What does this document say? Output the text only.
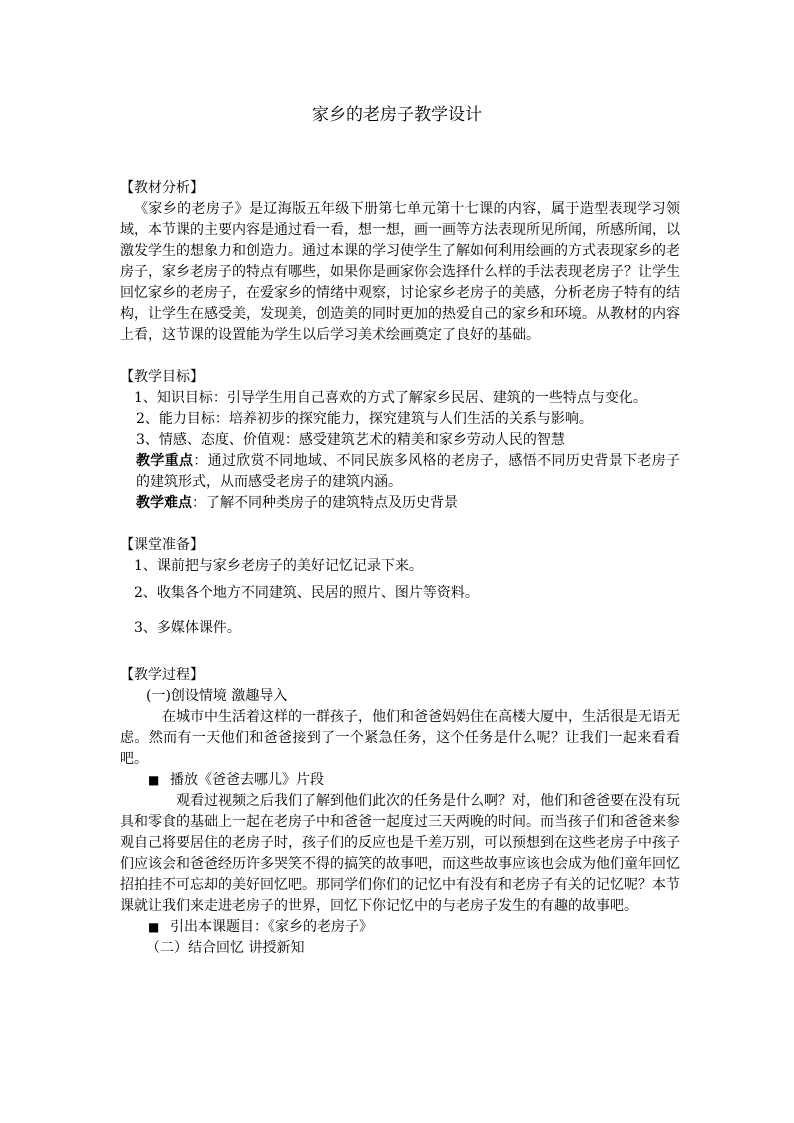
家乡的老房子教学设计

【教材分析】

《家乡的老房子》是辽海版五年级下册第七单元第十七课的内容，属于造型表现学习领域，本节课的主要内容是通过看一看，想一想，画一画等方法表现所见所闻，所感所闻，以激发学生的想象力和创造力。通过本课的学习使学生了解如何利用绘画的方式表现家乡的老房子，家乡老房子的特点有哪些，如果你是画家你会选择什么样的手法表现老房子？让学生回忆家乡的老房子，在爱家乡的情绪中观察，讨论家乡老房子的美感，分析老房子特有的结构，让学生在感受美，发现美，创造美的同时更加的热爱自己的家乡和环境。从教材的内容上看，这节课的设置能为学生以后学习美术绘画奠定了良好的基础。

【教学目标】

1、知识目标：引导学生用自己喜欢的方式了解家乡民居、建筑的一些特点与变化。

2、能力目标：培养初步的探究能力，探究建筑与人们生活的关系与影响。

3、情感、态度、价值观：感受建筑艺术的精美和家乡劳动人民的智慧

教学重点：通过欣赏不同地域、不同民族多风格的老房子，感悟不同历史背景下老房子的建筑形式，从而感受老房子的建筑内涵。

教学难点：了解不同种类房子的建筑特点及历史背景

【课堂准备】

1、课前把与家乡老房子的美好记忆记录下来。

2、收集各个地方不同建筑、民居的照片、图片等资料。

3、多媒体课件。

【教学过程】

(一)创设情境 激趣导入

在城市中生活着这样的一群孩子，他们和爸爸妈妈住在高楼大厦中，生活很是无语无虑。然而有一天他们和爸爸接到了一个紧急任务，这个任务是什么呢？让我们一起来看看吧。

■ 播放《爸爸去哪儿》片段

观看过视频之后我们了解到他们此次的任务是什么啊？对，他们和爸爸要在没有玩具和零食的基础上一起在老房子中和爸爸一起度过三天两晚的时间。而当孩子们和爸爸来参观自己将要居住的老房子时，孩子们的反应也是千差万别，可以预想到在这些老房子中孩子们应该会和爸爸经历许多哭笑不得的搞笑的故事吧，而这些故事应该也会成为他们童年回忆招拍挂不可忘却的美好回忆吧。那同学们你们的记忆中有没有和老房子有关的记忆呢？本节课就让我们来走进老房子的世界，回忆下你记忆中的与老房子发生的有趣的故事吧。

■ 引出本课题目：《家乡的老房子》

（二）结合回忆 讲授新知
